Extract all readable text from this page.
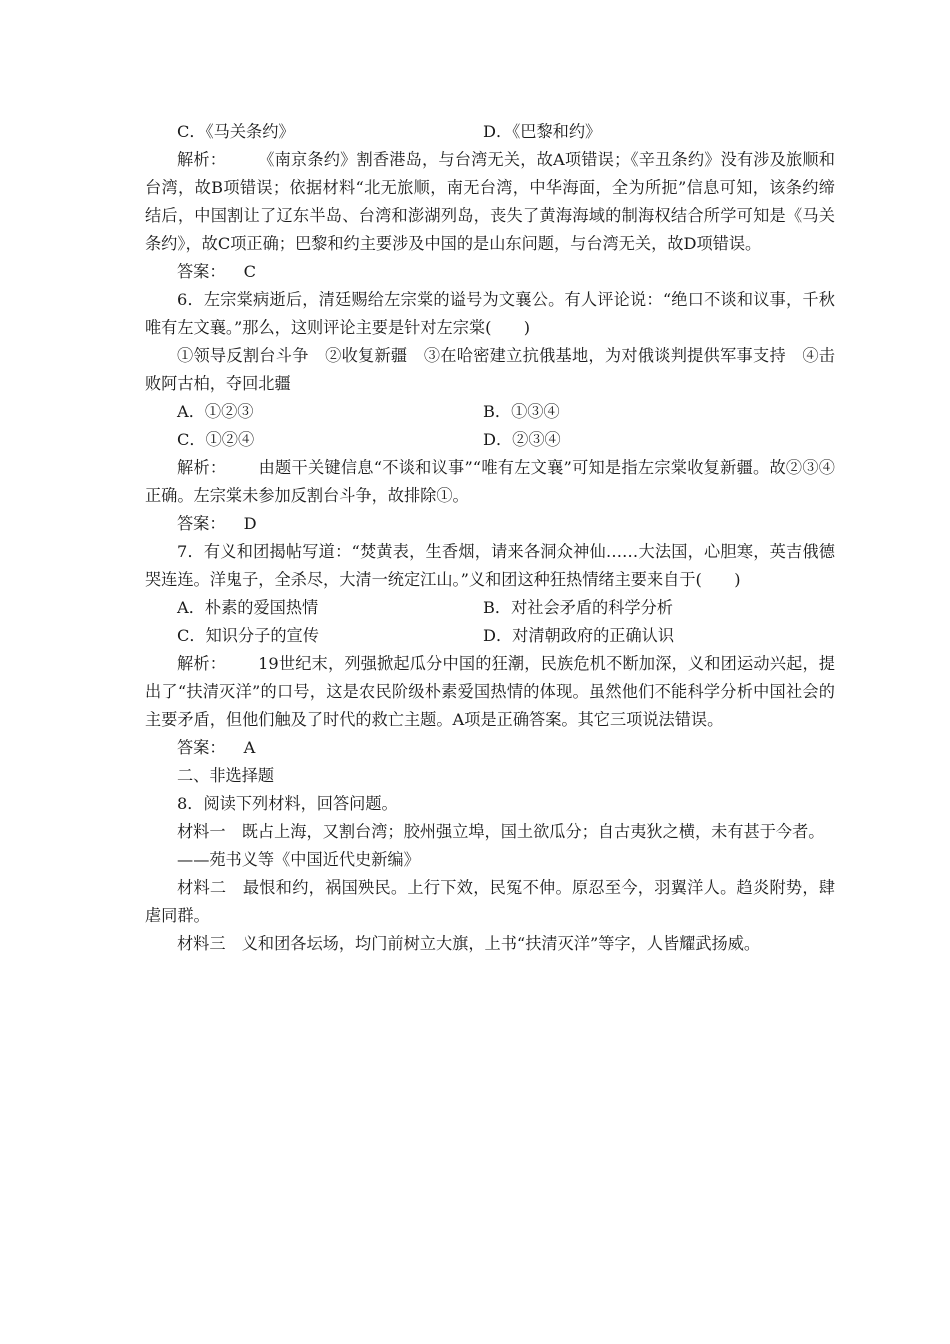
C．《马关条约》	D．《巴黎和约》

解析： 《南京条约》割香港岛，与台湾无关，故A项错误；《辛丑条约》没有涉及旅顺和台湾，故B项错误；依据材料“北无旅顺，南无台湾，中华海面，全为所扼”信息可知，该条约缔结后，中国割让了辽东半岛、台湾和澎湖列岛，丧失了黄海海域的制海权结合所学可知是《马关条约》，故C项正确；巴黎和约主要涉及中国的是山东问题，与台湾无关，故D项错误。

答案： C

6．左宗棠病逝后，清廷赐给左宗棠的谥号为文襄公。有人评论说：“绝口不谈和议事，千秋唯有左文襄。”那么，这则评论主要是针对左宗棠(　　)

①领导反割台斗争　②收复新疆　③在哈密建立抗俄基地，为对俄谈判提供军事支持　④击败阿古柏，夺回北疆

A．①②③	B．①③④
C．①②④	D．②③④

解析： 由题干关键信息“不谈和议事”“唯有左文襄”可知是指左宗棠收复新疆。故②③④正确。左宗棠未参加反割台斗争，故排除①。

答案： D

7．有义和团揭帖写道：“焚黄表，生香烟，请来各洞众神仙……大法国，心胆寒，英吉俄德哭连连。洋鬼子，全杀尽，大清一统定江山。”义和团这种狂热情绪主要来自于(　　)

A．朴素的爱国热情	B．对社会矛盾的科学分析
C．知识分子的宣传	D．对清朝政府的正确认识

解析： 19世纪末，列强掀起瓜分中国的狂潮，民族危机不断加深，义和团运动兴起，提出了“扶清灭洋”的口号，这是农民阶级朴素爱国热情的体现。虽然他们不能科学分析中国社会的主要矛盾，但他们触及了时代的救亡主题。A项是正确答案。其它三项说法错误。

答案： A

二、非选择题

8．阅读下列材料，回答问题。

材料一　既占上海，又割台湾；胶州强立埠，国土欲瓜分；自古夷狄之横，未有甚于今者。

——苑书义等《中国近代史新编》

材料二　最恨和约，祸国殃民。上行下效，民冤不伸。原忍至今，羽翼洋人。趋炎附势，肆虐同群。

材料三　义和团各坛场，均门前树立大旗，上书“扶清灭洋”等字，人皆耀武扬威。
